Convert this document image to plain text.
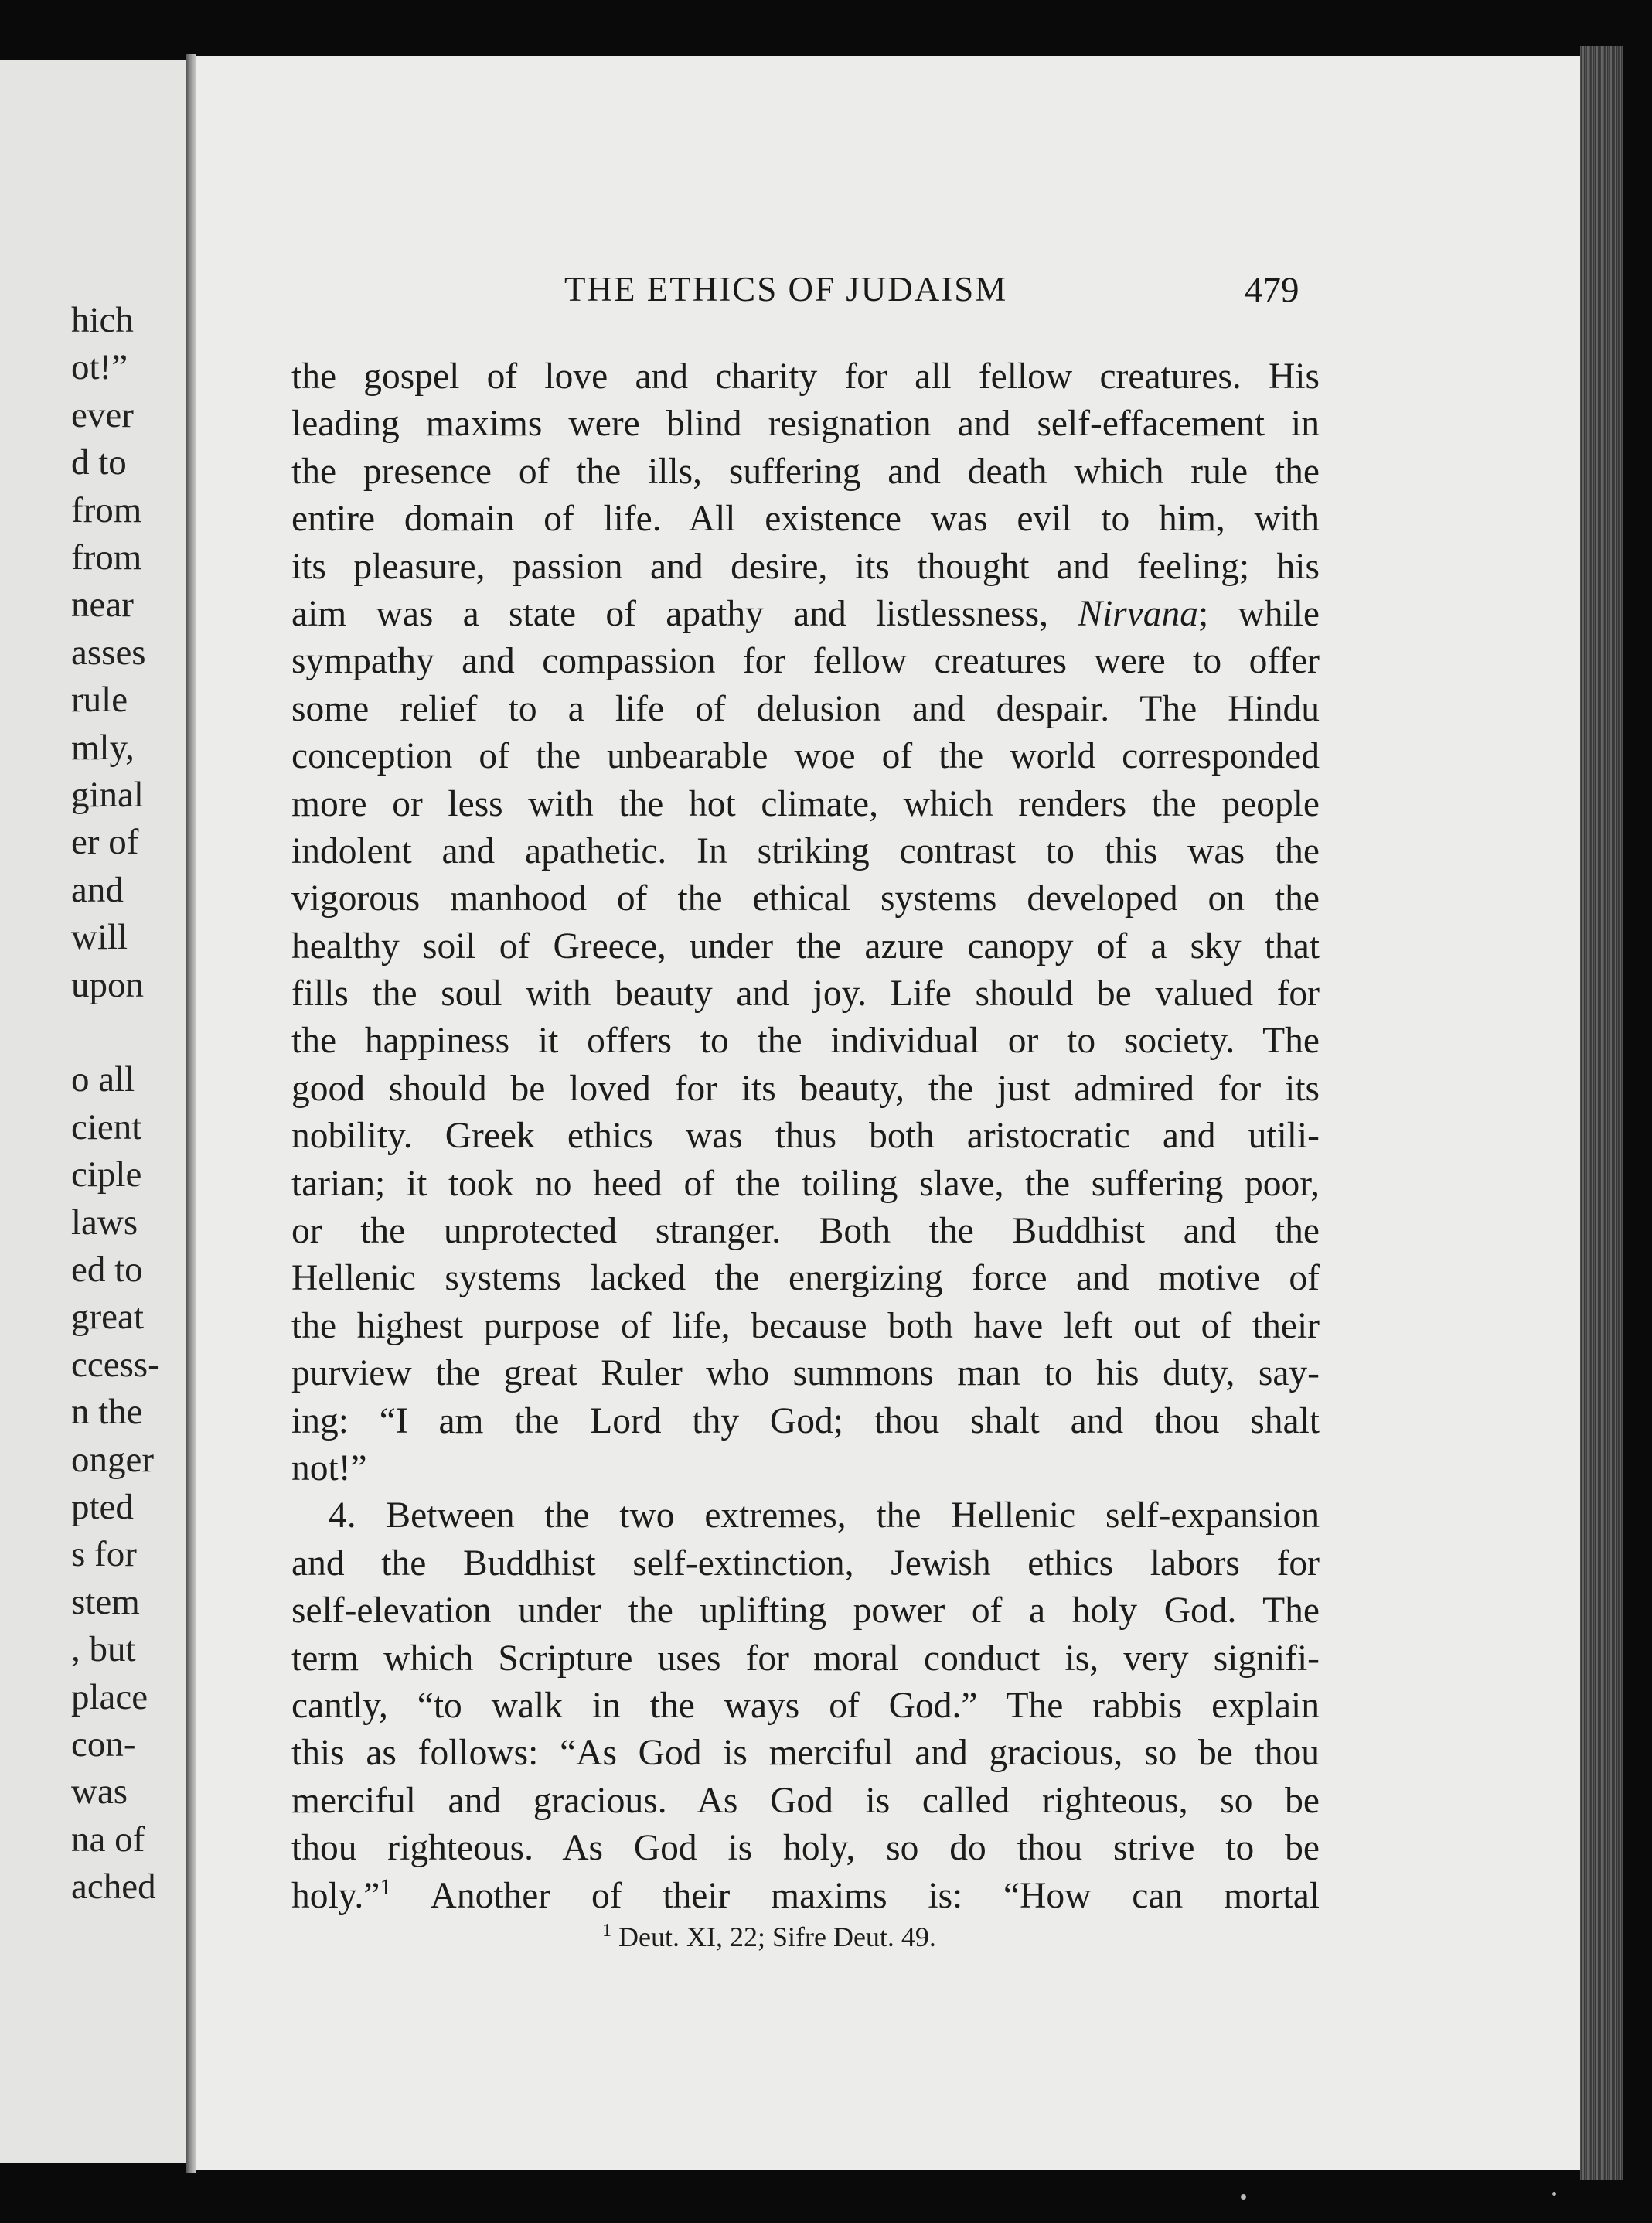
hich
ot!”
ever
d to
from
from
near
asses
rule
mly,
ginal
er of
and
will
upon
o all
cient
ciple
laws
ed to
great
ccess-
n the
onger
pted
s for
stem
, but
place
con-
was
na of
ached
THE ETHICS OF JUDAISM	479
the gospel of love and charity for all fellow creatures. His
leading maxims were blind resignation and self-effacement in
the presence of the ills, suffering and death which rule the
entire domain of life. All existence was evil to him, with
its pleasure, passion and desire, its thought and feeling; his
aim was a state of apathy and listlessness, Nirvana; while
sympathy and compassion for fellow creatures were to offer
some relief to a life of delusion and despair. The Hindu
conception of the unbearable woe of the world corresponded
more or less with the hot climate, which renders the people
indolent and apathetic. In striking contrast to this was the
vigorous manhood of the ethical systems developed on the
healthy soil of Greece, under the azure canopy of a sky that
fills the soul with beauty and joy. Life should be valued for
the happiness it offers to the individual or to society. The
good should be loved for its beauty, the just admired for its
nobility. Greek ethics was thus both aristocratic and utili-
tarian; it took no heed of the toiling slave, the suffering poor,
or the unprotected stranger. Both the Buddhist and the
Hellenic systems lacked the energizing force and motive of
the highest purpose of life, because both have left out of their
purview the great Ruler who summons man to his duty, say-
ing: “I am the Lord thy God; thou shalt and thou shalt
not!”
4. Between the two extremes, the Hellenic self-expansion
and the Buddhist self-extinction, Jewish ethics labors for
self-elevation under the uplifting power of a holy God. The
term which Scripture uses for moral conduct is, very signifi-
cantly, “to walk in the ways of God.” The rabbis explain
this as follows: “As God is merciful and gracious, so be thou
merciful and gracious. As God is called righteous, so be
thou righteous. As God is holy, so do thou strive to be
holy.”$^1$ Another of their maxims is: “How can mortal
$^1$ Deut. XI, 22; Sifre Deut. 49.
